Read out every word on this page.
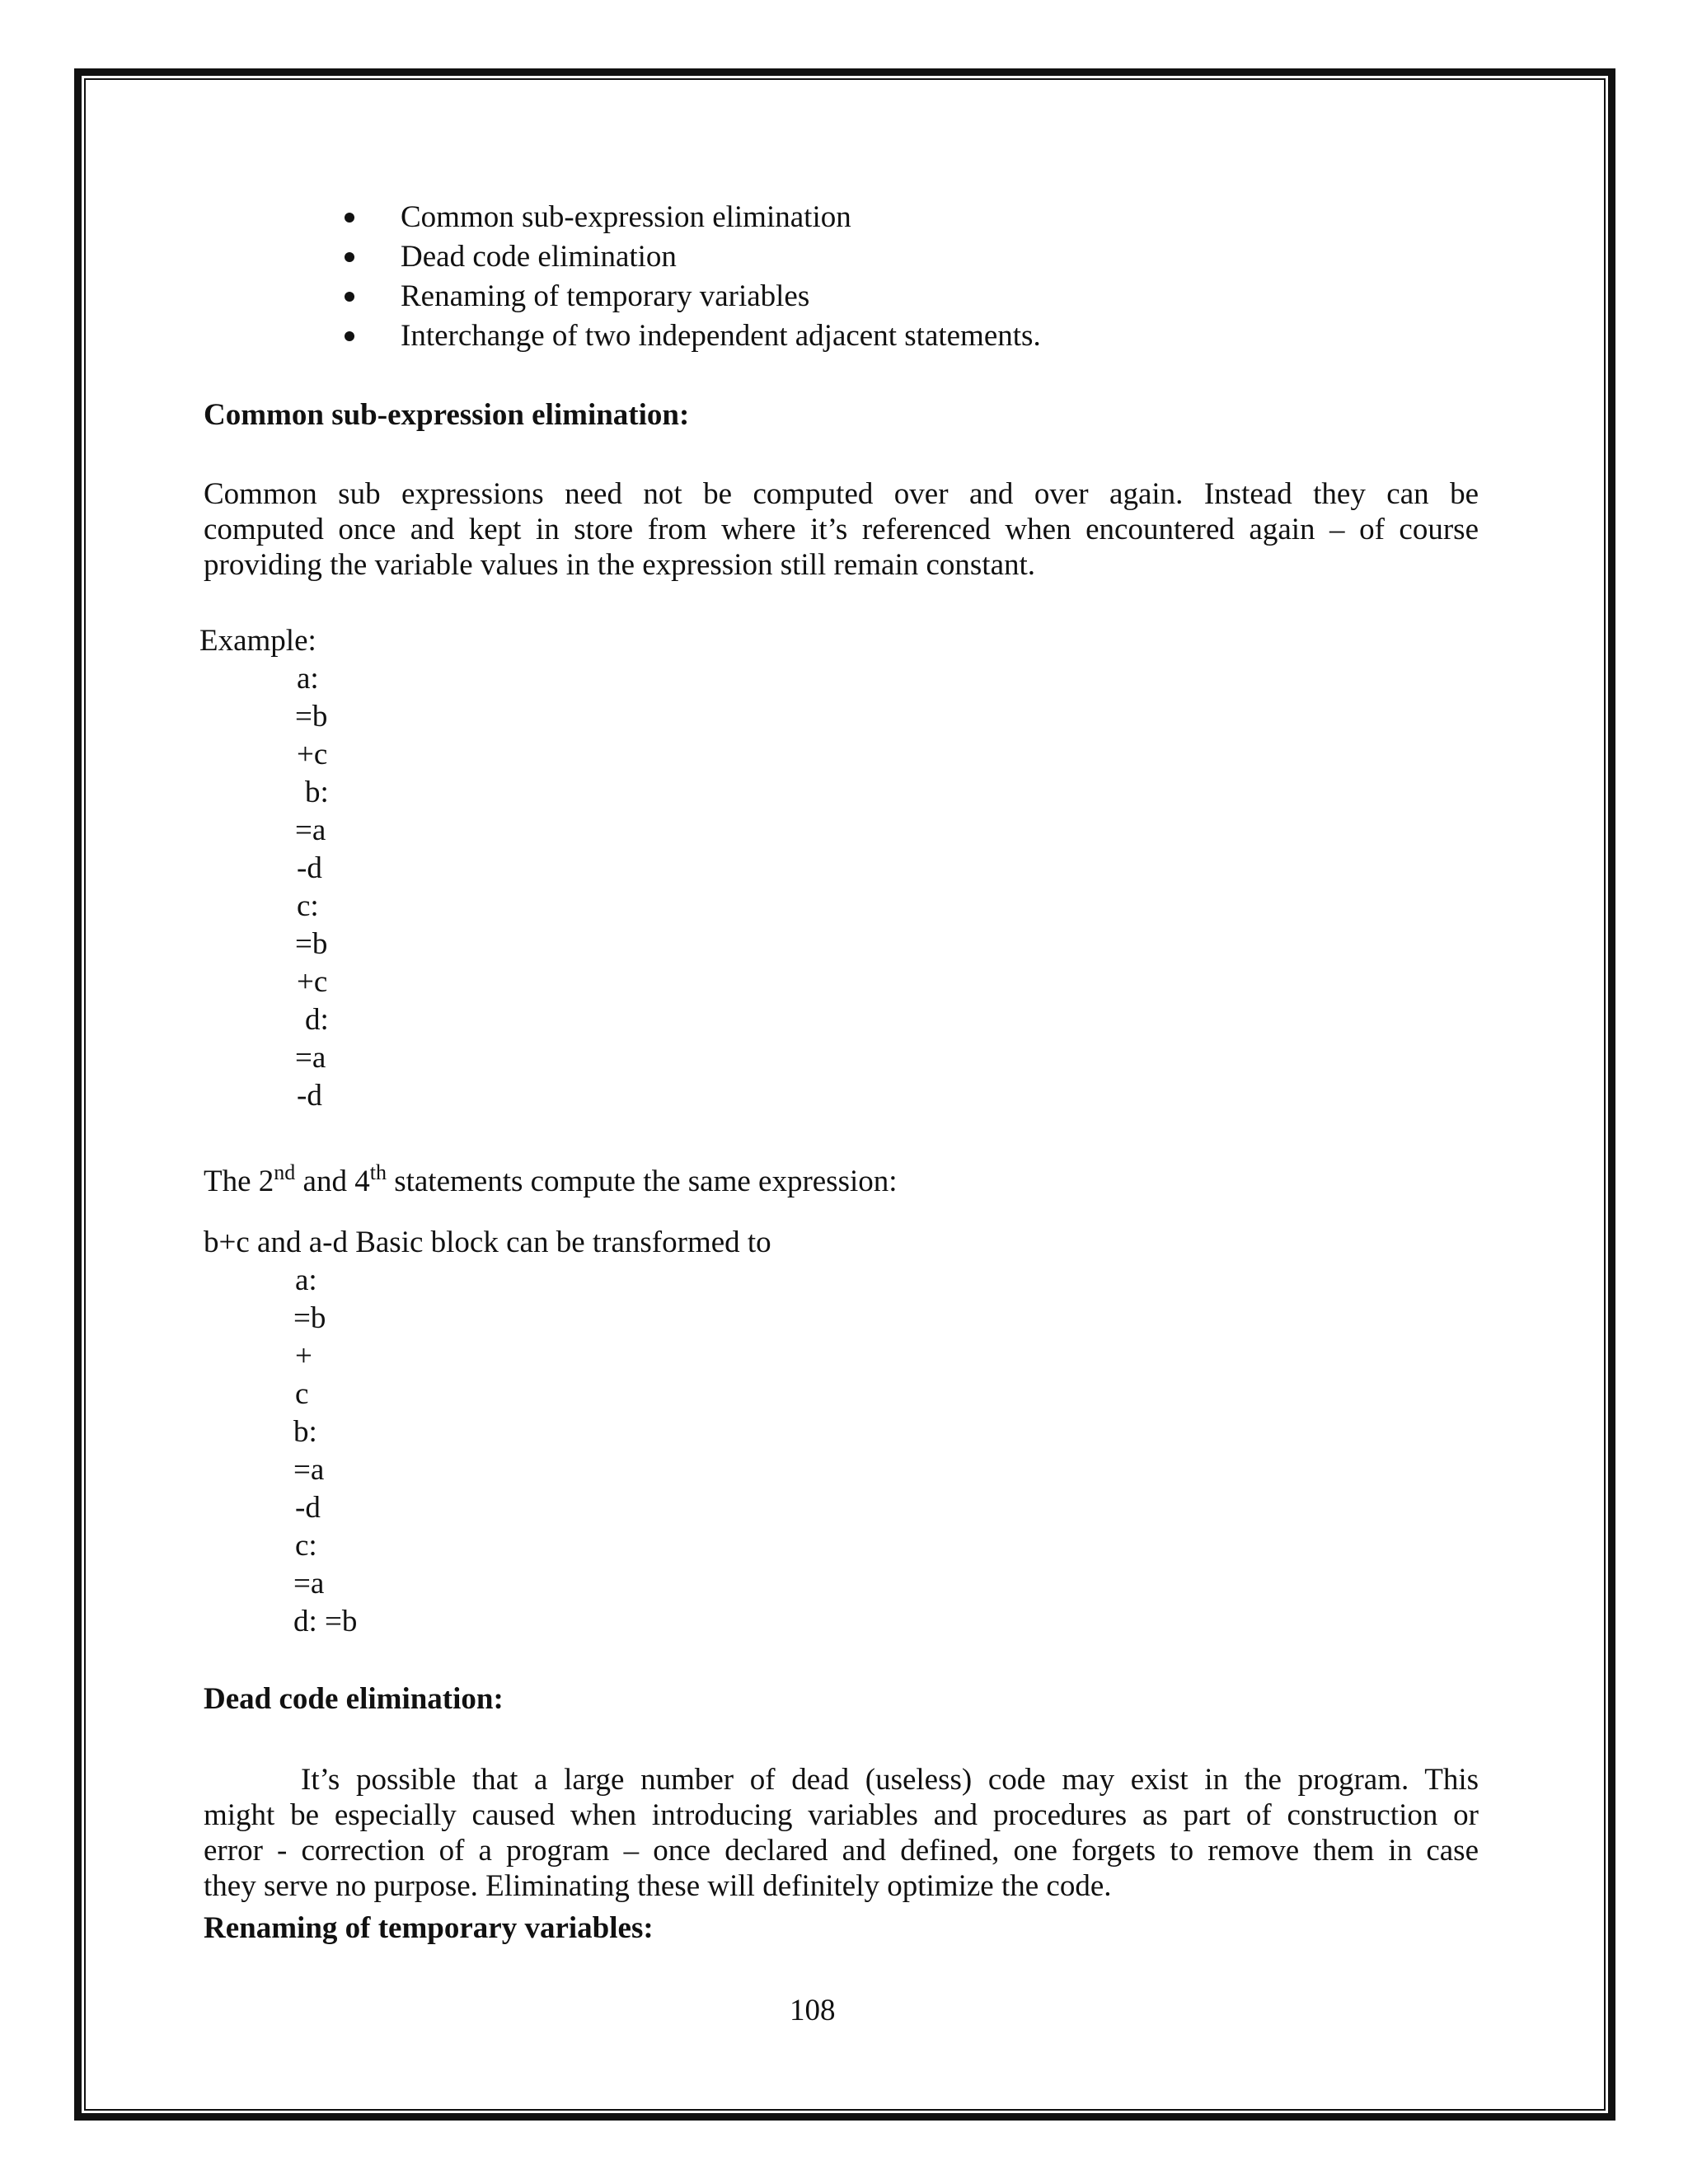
Common sub-expression elimination

Dead code elimination

Renaming of temporary variables

Interchange of two independent adjacent statements.

Common sub-expression elimination:

Common sub expressions need not be computed over and over again. Instead they can be
computed once and kept in store from where it’s referenced when encountered again – of course
providing the variable values in the expression still remain constant.

Example:

a:

=b

+c

b:

=a

-d

c:

=b

+c

d:

=a

-d

The 2nd and 4th statements compute the same expression:

b+c and a-d Basic block can be transformed to

a:

=b

+

c

b:

=a

-d

c:

=a

d: =b

Dead code elimination:

It’s possible that a large number of dead (useless) code may exist in the program. This
might be especially caused when introducing variables and procedures as part of construction or
error - correction of a program – once declared and defined, one forgets to remove them in case
they serve no purpose. Eliminating these will definitely optimize the code.

Renaming of temporary variables:

108
